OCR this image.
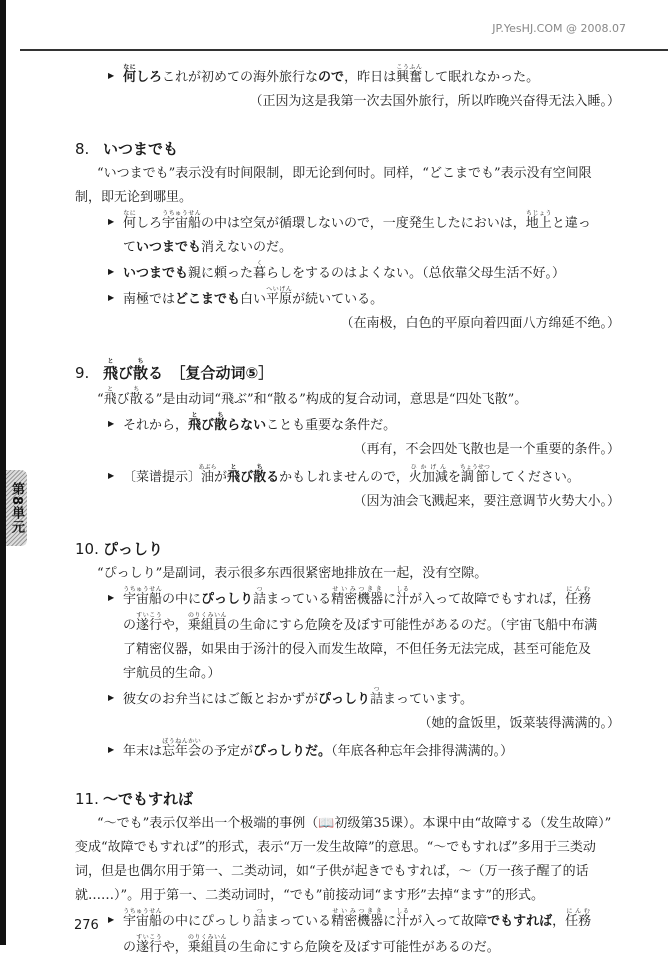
第8単元
JP.YesHJ.COM @ 2008.07
▶ 何なにしろこれが初めての海外旅行なので，昨日は興奮こうふんして眠れなかった。
（正因为这是我第一次去国外旅行，所以昨晚兴奋得无法入睡。）
8. いつまでも
“いつまでも”表示没有时间限制，即无论到何时。同样，“どこまでも”表示没有空间限
制，即无论到哪里。
▶ 何なにしろ宇宙船うちゅうせんの中は空気が循環しないので，一度発生したにおいは，地上ちじょうと違っ
ていつまでも消えないのだ。
▶ いつまでも親に頼った暮くらしをするのはよくない。（总依靠父母生活不好。）
▶ 南極ではどこまでも白い平原へいげんが続いている。
（在南极，白色的平原向着四面八方绵延不绝。）
9. 飛とび散ちる　［复合动词⑤］
“飛とび散ちる”是由动词“飛ぶ”和“散る”构成的复合动词，意思是“四处飞散”。
▶ それから，飛とび散ちらないことも重要な条件だ。
（再有，不会四处飞散也是一个重要的条件。）
▶ 〔菜谱提示〕油あぶらが飛とび散ちるかもしれませんので，火加減ひかげんを調節ちょうせつしてください。
（因为油会飞溅起来，要注意调节火势大小。）
10. ぴっしり
“ぴっしり”是副词，表示很多东西很紧密地排放在一起，没有空隙。
▶ 宇宙船うちゅうせんの中にぴっしり詰つまっている精密機器せいみつききに汁しるが入って故障でもすれば，任務にんむ
の遂行すいこうや，乗組員のりくみいんの生命にすら危険を及ぼす可能性があるのだ。（宇宙飞船中布满
了精密仪器，如果由于汤汁的侵入而发生故障，不但任务无法完成，甚至可能危及
宇航员的生命。）
▶ 彼女のお弁当にはご飯とおかずがぴっしり詰つまっています。
（她的盒饭里，饭菜装得满满的。）
▶ 年末は忘年会ぼうねんかいの予定がぴっしりだ。（年底各种忘年会排得满满的。）
11. ～でもすれば
“～でも”表示仅举出一个极端的事例（📖初级第35课）。本课中由“故障する（发生故障）”
变成“故障でもすれば”的形式，表示“万一发生故障”的意思。“～でもすれば”多用于三类动
词，但是也偶尔用于第一、二类动词，如“子供が起きでもすれば，～（万一孩子醒了的话
就……）”。用于第一、二类动词时，“でも”前接动词“ます形”去掉“ます”的形式。
▶ 宇宙船うちゅうせんの中にぴっしり詰つまっている精密機器せいみつききに汁しるが入って故障でもすれば，任務にんむ
の遂行すいこうや，乗組員のりくみいんの生命にすら危険を及ぼす可能性があるのだ。
276
